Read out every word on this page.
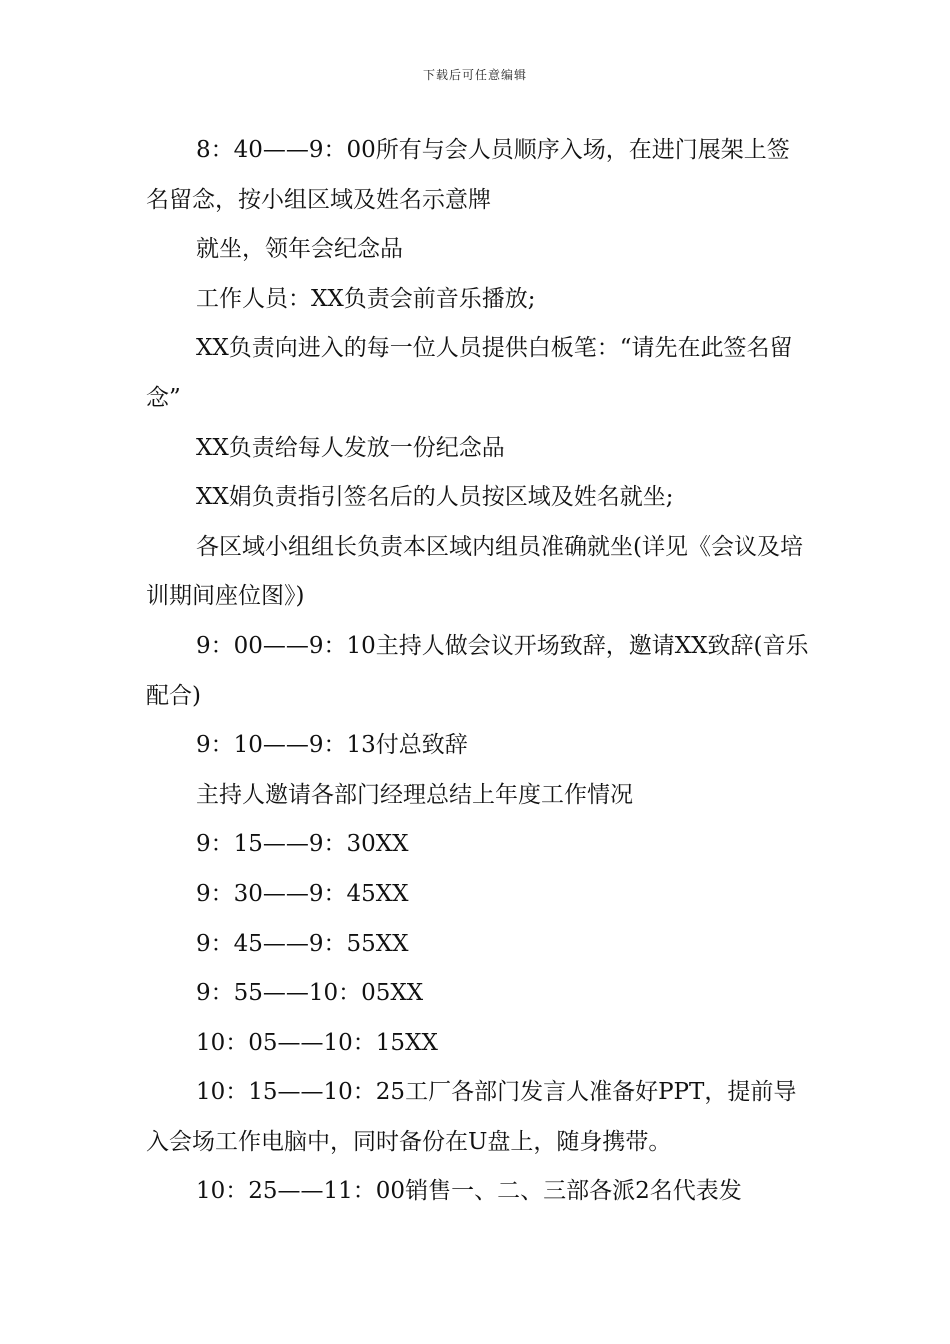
下载后可任意编辑

8：40——9：00所有与会人员顺序入场，在进门展架上签名留念，按小组区域及姓名示意牌

就坐，领年会纪念品

工作人员：XX负责会前音乐播放;

XX负责向进入的每一位人员提供白板笔：“请先在此签名留念”

XX负责给每人发放一份纪念品

XX娟负责指引签名后的人员按区域及姓名就坐;

各区域小组组长负责本区域内组员准确就坐(详见《会议及培训期间座位图》)

9：00——9：10主持人做会议开场致辞，邀请XX致辞(音乐配合)

9：10——9：13付总致辞

主持人邀请各部门经理总结上年度工作情况

9：15——9：30XX

9：30——9：45XX

9：45——9：55XX

9：55——10：05XX

10：05——10：15XX

10：15——10：25工厂各部门发言人准备好PPT，提前导入会场工作电脑中，同时备份在U盘上，随身携带。

10：25——11：00销售一、二、三部各派2名代表发
